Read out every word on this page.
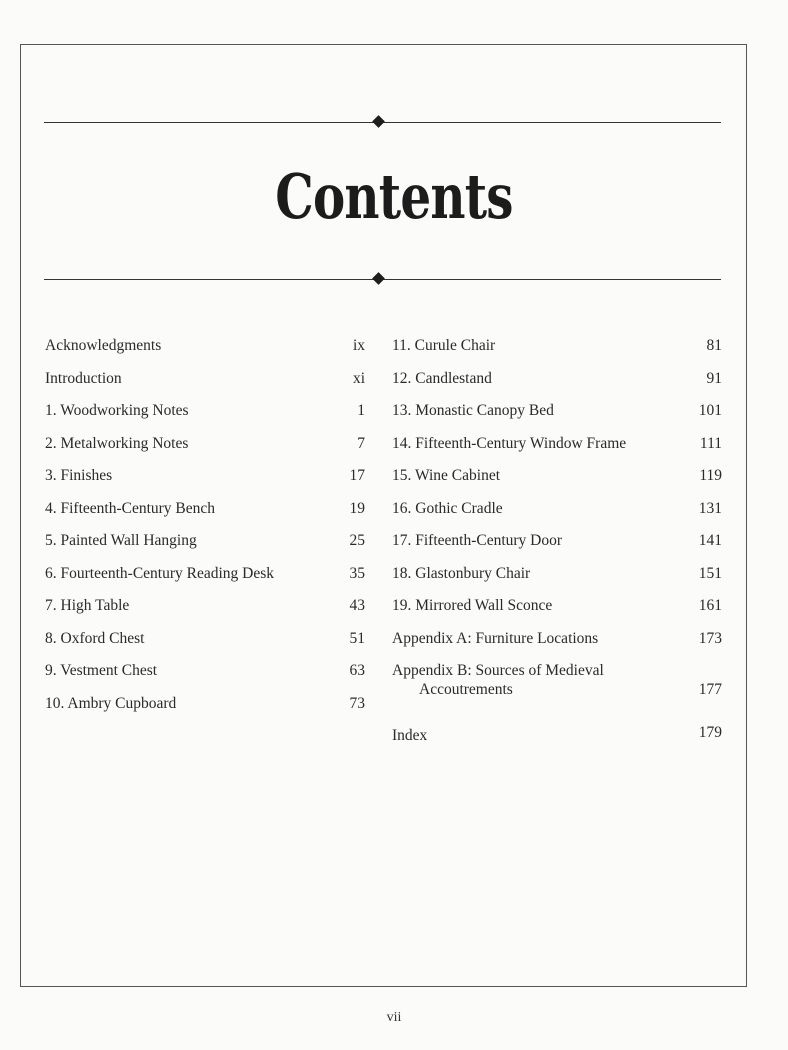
Contents
Acknowledgments	ix
Introduction	xi
1. Woodworking Notes	1
2. Metalworking Notes	7
3. Finishes	17
4. Fifteenth-Century Bench	19
5. Painted Wall Hanging	25
6. Fourteenth-Century Reading Desk	35
7. High Table	43
8. Oxford Chest	51
9. Vestment Chest	63
10. Ambry Cupboard	73
11. Curule Chair	81
12. Candlestand	91
13. Monastic Canopy Bed	101
14. Fifteenth-Century Window Frame	111
15. Wine Cabinet	119
16. Gothic Cradle	131
17. Fifteenth-Century Door	141
18. Glastonbury Chair	151
19. Mirrored Wall Sconce	161
Appendix A: Furniture Locations	173
Appendix B: Sources of Medieval
Accoutrements	177
Index	179
vii
